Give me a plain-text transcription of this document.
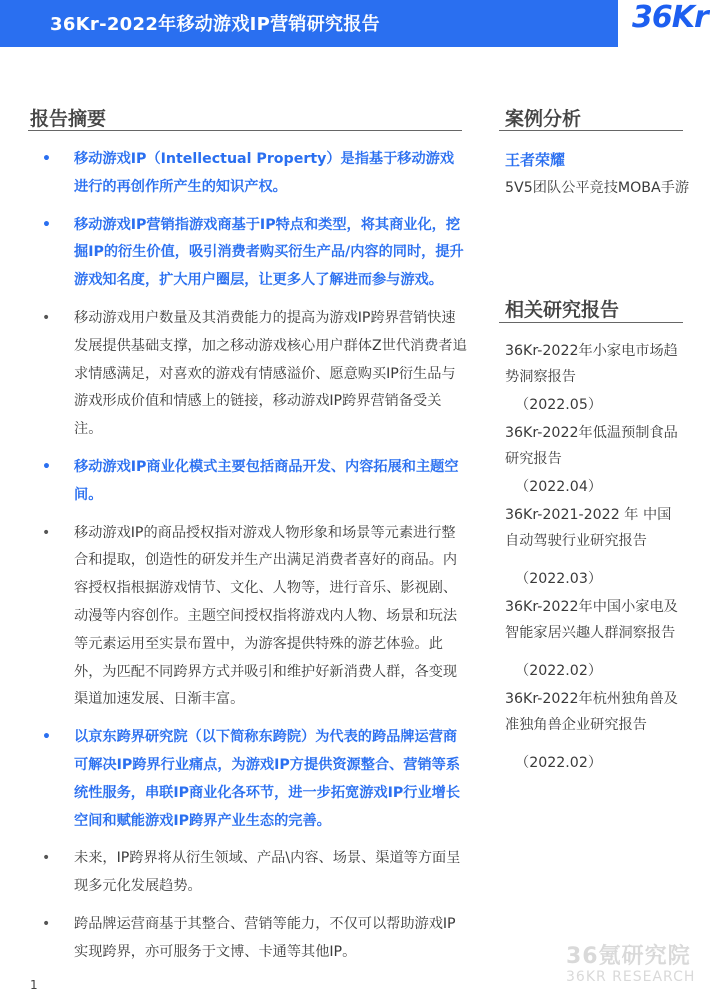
36Kr-2022年移动游戏IP营销研究报告	36Kr
报告摘要
• 移动游戏IP（Intellectual Property）是指基于移动游戏进行的再创作所产生的知识产权。
• 移动游戏IP营销指游戏商基于IP特点和类型，将其商业化，挖掘IP的衍生价值，吸引消费者购买衍生产品/内容的同时，提升游戏知名度，扩大用户圈层，让更多人了解进而参与游戏。
• 移动游戏用户数量及其消费能力的提高为游戏IP跨界营销快速发展提供基础支撑，加之移动游戏核心用户群体Z世代消费者追求情感满足，对喜欢的游戏有情感溢价、愿意购买IP衍生品与游戏形成价值和情感上的链接，移动游戏IP跨界营销备受关注。
• 移动游戏IP商业化模式主要包括商品开发、内容拓展和主题空间。
• 移动游戏IP的商品授权指对游戏人物形象和场景等元素进行整合和提取，创造性的研发并生产出满足消费者喜好的商品。内容授权指根据游戏情节、文化、人物等，进行音乐、影视剧、动漫等内容创作。主题空间授权指将游戏内人物、场景和玩法等元素运用至实景布置中，为游客提供特殊的游艺体验。此外，为匹配不同跨界方式并吸引和维护好新消费人群，各变现渠道加速发展、日渐丰富。
• 以京东跨界研究院（以下简称东跨院）为代表的跨品牌运营商可解决IP跨界行业痛点，为游戏IP方提供资源整合、营销等系统性服务，串联IP商业化各环节，进一步拓宽游戏IP行业增长空间和赋能游戏IP跨界产业生态的完善。
• 未来，IP跨界将从衍生领域、产品\内容、场景、渠道等方面呈现多元化发展趋势。
• 跨品牌运营商基于其整合、营销等能力，不仅可以帮助游戏IP实现跨界，亦可服务于文博、卡通等其他IP。
案例分析
王者荣耀
5V5团队公平竞技MOBA手游
相关研究报告
36Kr-2022年小家电市场趋势洞察报告
（2022.05）
36Kr-2022年低温预制食品研究报告
（2022.04）
36Kr-2021-2022 年 中国自动驾驶行业研究报告
（2022.03）
36Kr-2022年中国小家电及智能家居兴趣人群洞察报告
（2022.02）
36Kr-2022年杭州独角兽及准独角兽企业研究报告
（2022.02）
1
36氪研究院
36KR RESEARCH
